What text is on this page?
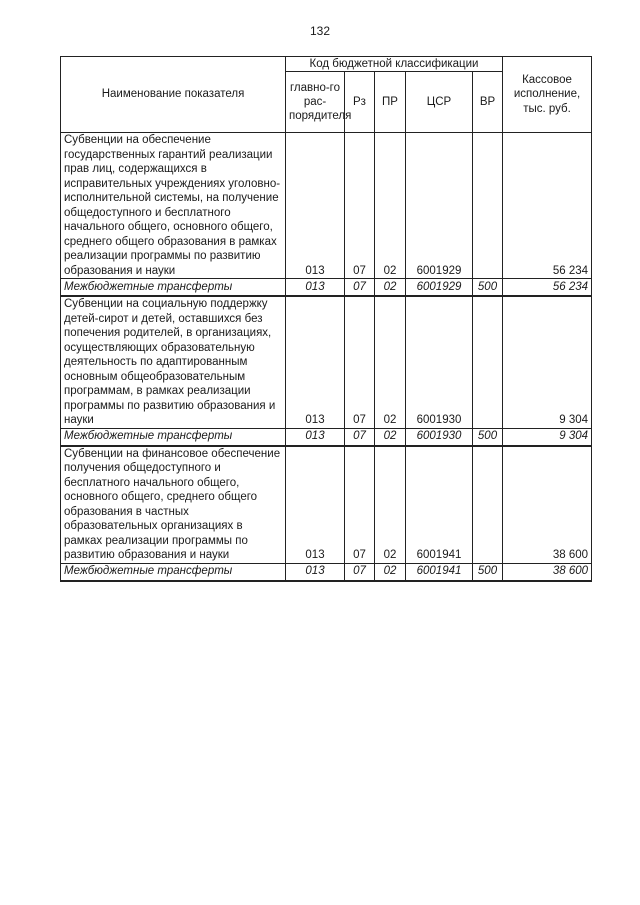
132
Наименование показателя	Код бюджетной классификации					Кассовое исполнение, тыс. руб.
	главно-го рас-порядителя	Рз	ПР	ЦСР	ВР	
Субвенции на обеспечение государственных гарантий реализации прав лиц, содержащихся в исправительных учреждениях уголовно-исполнительной системы, на получение общедоступного и бесплатного начального общего, основного общего, среднего общего образования в рамках реализации программы по развитию образования и науки	013	07	02	6001929		56 234
Межбюджетные трансферты	013	07	02	6001929	500	56 234
Субвенции на социальную поддержку детей-сирот и детей, оставшихся без попечения родителей, в организациях, осуществляющих образовательную деятельность по адаптированным основным общеобразовательным программам, в рамках реализации программы по развитию образования и науки	013	07	02	6001930		9 304
Межбюджетные трансферты	013	07	02	6001930	500	9 304
Субвенции на финансовое обеспечение получения общедоступного и бесплатного начального общего, основного общего, среднего общего образования в частных образовательных организациях в рамках реализации программы по развитию образования и науки	013	07	02	6001941		38 600
Межбюджетные трансферты	013	07	02	6001941	500	38 600
